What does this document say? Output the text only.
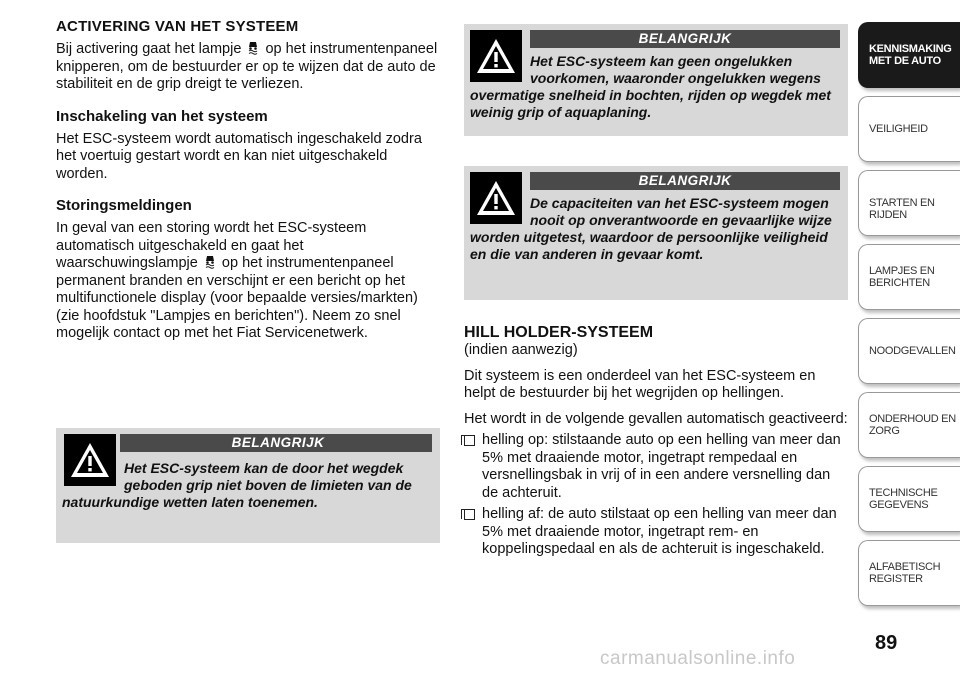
ACTIVERING VAN HET SYSTEEM

Bij activering gaat het lampje op het instrumentenpaneel knipperen, om de bestuurder er op te wijzen dat de auto de stabiliteit en de grip dreigt te verliezen.

Inschakeling van het systeem

Het ESC-systeem wordt automatisch ingeschakeld zodra het voertuig gestart wordt en kan niet uitgeschakeld worden.

Storingsmeldingen

In geval van een storing wordt het ESC-systeem automatisch uitgeschakeld en gaat het waarschuwingslampje op het instrumentenpaneel permanent branden en verschijnt er een bericht op het multifunctionele display (voor bepaalde versies/markten) (zie hoofdstuk "Lampjes en berichten"). Neem zo snel mogelijk contact op met het Fiat Servicenetwerk.

BELANGRIJK
Het ESC-systeem kan de door het wegdek geboden grip niet boven de limieten van de natuurkundige wetten laten toenemen.
BELANGRIJK
Het ESC-systeem kan geen ongelukken voorkomen, waaronder ongelukken wegens overmatige snelheid in bochten, rijden op wegdek met weinig grip of aquaplaning.
BELANGRIJK
De capaciteiten van het ESC-systeem mogen nooit op onverantwoorde en gevaarlijke wijze worden uitgetest, waardoor de persoonlijke veiligheid en die van anderen in gevaar komt.
HILL HOLDER-SYSTEEM

(indien aanwezig)

Dit systeem is een onderdeel van het ESC-systeem en helpt de bestuurder bij het wegrijden op hellingen.

Het wordt in de volgende gevallen automatisch geactiveerd:

helling op: stilstaande auto op een helling van meer dan 5% met draaiende motor, ingetrapt rempedaal en versnellingsbak in vrij of in een andere versnelling dan de achteruit.
helling af: de auto stilstaat op een helling van meer dan 5% met draaiende motor, ingetrapt rem- en koppelingspedaal en als de achteruit is ingeschakeld.
KENNISMAKING
MET DE AUTO
VEILIGHEID
STARTEN EN RIJDEN
LAMPJES EN
BERICHTEN
NOODGEVALLEN
ONDERHOUD EN
ZORG
TECHNISCHE
GEGEVENS
ALFABETISCH
REGISTER
89
carmanualsonline.info
